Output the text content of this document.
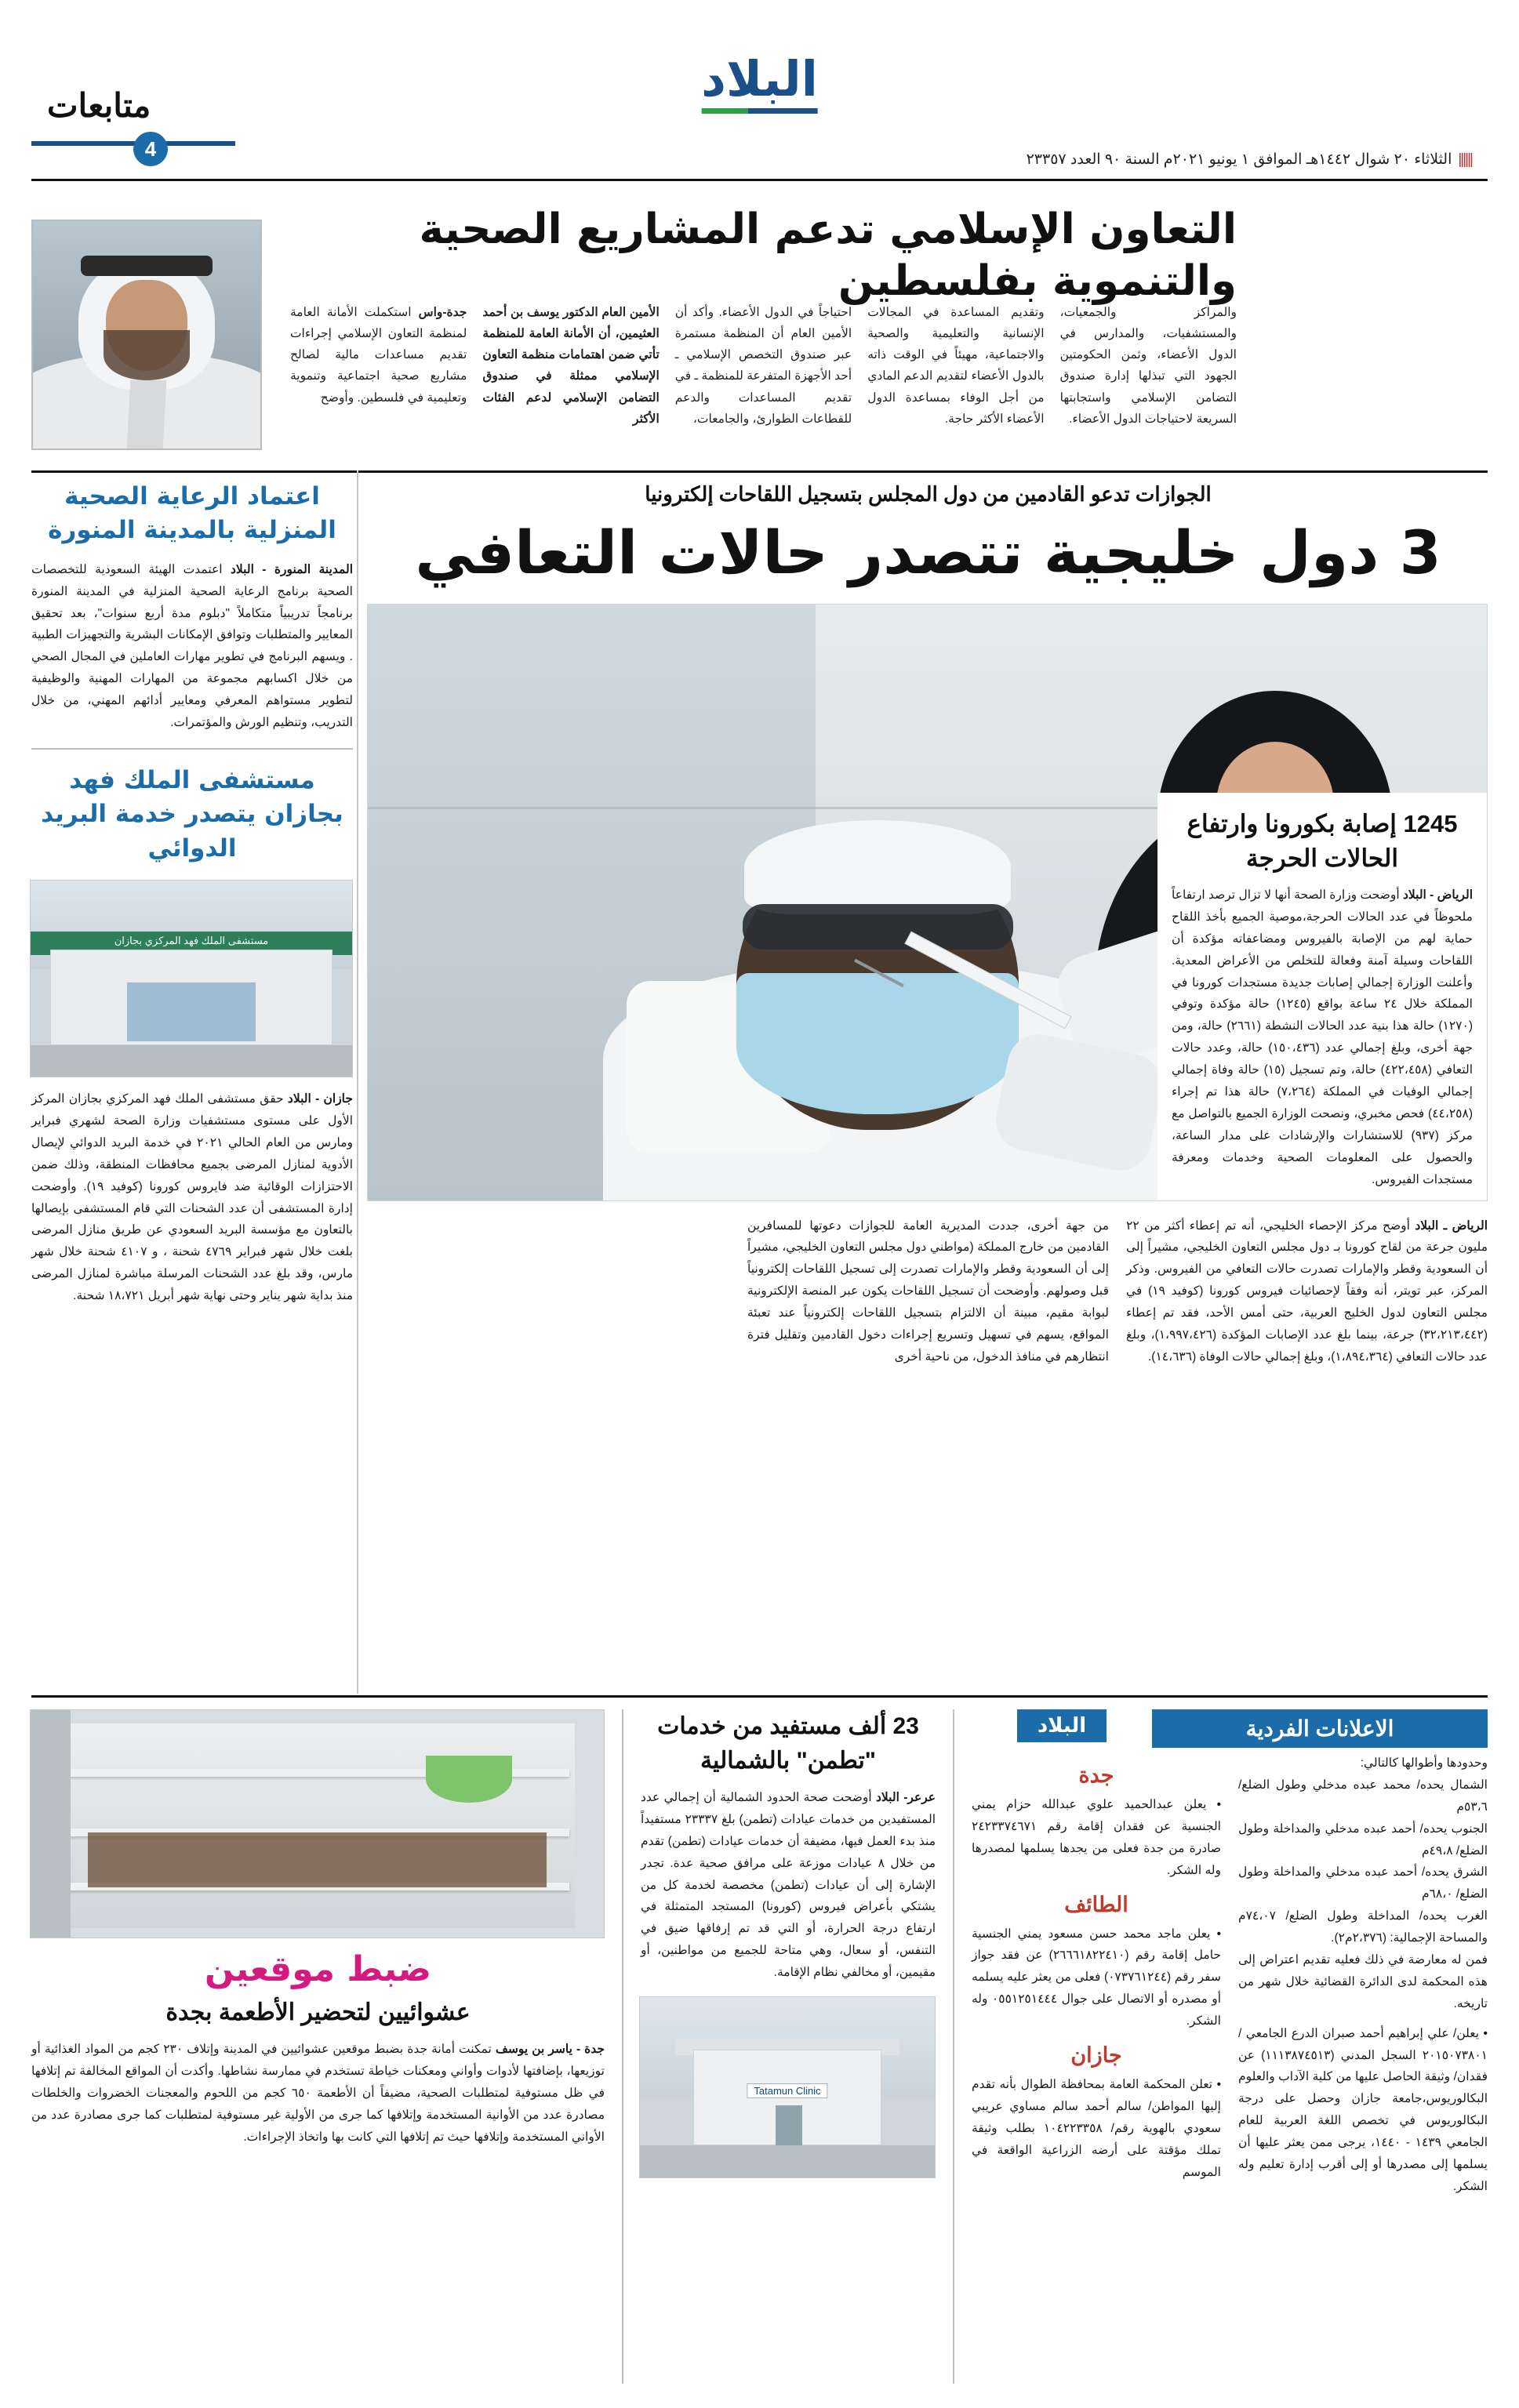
البلاد
متابعات
4	||||||الثلاثاء ٢٠ شوال ١٤٤٢هـ الموافق ١ يونيو ٢٠٢١م السنة ٩٠ العدد ٢٣٣٥٧
التعاون الإسلامي تدعم المشاريع الصحية والتنموية بفلسطين
والمراكز والجمعيات، والمستشفيات، والمدارس في الدول الأعضاء، وثمن الحكومتين الجهود التي تبذلها إدارة صندوق التضامن الإسلامي واستجابتها السريعة لاحتياجات الدول الأعضاء.
وتقديم المساعدة في المجالات الإنسانية والتعليمية والصحية والاجتماعية، مهيئاً في الوقت ذاته بالدول الأعضاء لتقديم الدعم المادي من أجل الوفاء بمساعدة الدول الأعضاء الأكثر حاجة.
احتياجاً في الدول الأعضاء. وأكد أن الأمين العام أن المنظمة مستمرة عبر صندوق التخصص الإسلامي ـ أحد الأجهزة المتفرعة للمنظمة ـ في تقديم المساعدات والدعم للقطاعات الطوارئ، والجامعات،
الأمين العام الدكتور يوسف بن أحمد العثيمين، أن الأمانة العامة للمنظمة تأتي ضمن اهتمامات منظمة التعاون الإسلامي ممثلة في صندوق التضامن الإسلامي لدعم الفئات الأكثر
جدة-واس استكملت الأمانة العامة لمنظمة التعاون الإسلامي إجراءات تقديم مساعدات مالية لصالح مشاريع صحية اجتماعية وتنموية وتعليمية في فلسطين. وأوضح
اعتماد الرعاية الصحية المنزلية بالمدينة المنورة
المدينة المنورة - البلاد اعتمدت الهيئة السعودية للتخصصات الصحية برنامج الرعاية الصحية المنزلية في المدينة المنورة برنامجاً تدريبياً متكاملاً "دبلوم مدة أربع سنوات"، بعد تحقيق المعايير والمتطلبات وتوافق الإمكانات البشرية والتجهيزات الطبية . ويسهم البرنامج في تطوير مهارات العاملين في المجال الصحي من خلال اكسابهم مجموعة من المهارات المهنية والوظيفية لتطوير مستواهم المعرفي ومعايير أدائهم المهني، من خلال التدريب، وتنظيم الورش والمؤتمرات.
مستشفى الملك فهد بجازان يتصدر خدمة البريد الدوائي
مستشفى الملك فهد المركزي بجازان
جازان - البلاد حقق مستشفى الملك فهد المركزي بجازان المركز الأول على مستوى مستشفيات وزارة الصحة لشهري فبراير ومارس من العام الحالي ٢٠٢١ في خدمة البريد الدوائي لإيصال الأدوية لمنازل المرضى بجميع محافظات المنطقة، وذلك ضمن الاحتزازات الوقائية ضد فايروس كورونا (كوفيد ١٩). وأوضحت إدارة المستشفى أن عدد الشحنات التي قام المستشفى بإيصالها بالتعاون مع مؤسسة البريد السعودي عن طريق منازل المرضى بلغت خلال شهر فبراير ٤٧٦٩ شحنة ، و ٤١٠٧ شحنة خلال شهر مارس، وقد بلغ عدد الشحنات المرسلة مباشرة لمنازل المرضى منذ بداية شهر يناير وحتى نهاية شهر أبريل ١٨،٧٢١ شحنة.
الجوازات تدعو القادمين من دول المجلس بتسجيل اللقاحات إلكترونيا
3 دول خليجية تتصدر حالات التعافي
1245 إصابة بكورونا وارتفاع الحالات الحرجة
الرياض - البلاد أوضحت وزارة الصحة أنها لا تزال ترصد ارتفاعاً ملحوظاً في عدد الحالات الحرجة،موصية الجميع بأخذ اللقاح حماية لهم من الإصابة بالفيروس ومضاعفاته مؤكدة أن اللقاحات وسيلة آمنة وفعالة للتخلص من الأعراض المعدية. وأعلنت الوزارة إجمالي إصابات جديدة مستجدات كورونا في المملكة خلال ٢٤ ساعة بواقع (١٢٤٥) حالة مؤكدة وتوفي (١٢٧٠) حالة هذا بنية عدد الحالات النشطة (٢٦٦١) حالة، ومن جهة أخرى، وبلغ إجمالي عدد (١٥٠،٤٣٦) حالة، وعدد حالات التعافي (٤٢٢،٤٥٨) حالة، وتم تسجيل (١٥) حالة وفاة إجمالي إجمالي الوفيات في المملكة (٧،٢٦٤) حالة هذا تم إجراء (٤٤،٢٥٨) فحص مخبري، ونصحت الوزارة الجميع بالتواصل مع مركز (٩٣٧) للاستشارات والإرشادات على مدار الساعة، والحصول على المعلومات الصحية وخدمات ومعرفة مستجدات الفيروس.
الرياض ـ البلاد أوضح مركز الإحصاء الخليجي، أنه تم إعطاء أكثر من ٢٢ مليون جرعة من لقاح كورونا بـ دول مجلس التعاون الخليجي، مشيراً إلى أن السعودية وقطر والإمارات تصدرت حالات التعافي من الفيروس. وذكر المركز، عبر تويتر، أنه وفقاً لإحصائيات فيروس كورونا (كوفيد ١٩) في مجلس التعاون لدول الخليج العربية، حتى أمس الأحد، فقد تم إعطاء (٣٢،٢١٣،٤٤٢) جرعة، بينما بلغ عدد الإصابات المؤكدة (١،٩٩٧،٤٢٦)، وبلغ عدد حالات التعافي (١،٨٩٤،٣٦٤)، وبلغ إجمالي حالات الوفاة (١٤،٦٣٦).
من جهة أخرى، جددت المديرية العامة للجوازات دعوتها للمسافرين القادمين من خارج المملكة (مواطني دول مجلس التعاون الخليجي، مشيراً إلى أن السعودية وقطر والإمارات تصدرت إلى تسجيل اللقاحات إلكترونياً قبل وصولهم. وأوضحت أن تسجيل اللقاحات يكون عبر المنصة الإلكترونية لبوابة مقيم، مبينة أن الالتزام بتسجيل اللقاحات إلكترونياً عند تعبئة المواقع، يسهم في تسهيل وتسريع إجراءات دخول القادمين وتقليل فترة انتظارهم في منافذ الدخول، من ناحية أخرى
الاعلانات الفردية
البلاد
وحدودها وأطوالها كالتالي:
الشمال يحده/ محمد عبده مدخلي وطول الضلع/ ٥٣،٦م
الجنوب يحده/ أحمد عبده مدخلي والمداخلة وطول الضلع/ ٤٩،٨م
الشرق يحده/ أحمد عبده مدخلي والمداخلة وطول الضلع/ ٦٨،٠م
الغرب يحده/ المداخلة وطول الضلع/ ٧٤،٠٧م والمساحة الإجمالية: (٢،٣٧٦م٢).
فمن له معارضة في ذلك فعليه تقديم اعتراض إلى هذه المحكمة لدى الدائرة القضائية خلال شهر من تاريخه.
• يعلن/ علي إبراهيم أحمد صبران الدرع الجامعي / ٢٠١٥٠٧٣٨٠١ السجل المدني (١١١٣٨٧٤٥١٣) عن فقدان/ وثيقة الحاصل عليها من كلية الآداب والعلوم البكالوريوس،جامعة جازان وحصل على درجة البكالوريوس في تخصص اللغة العربية للعام الجامعي ١٤٣٩ - ١٤٤٠، يرجى ممن يعثر عليها أن يسلمها إلى مصدرها أو إلى أقرب إدارة تعليم وله الشكر.
جدة
• يعلن عبدالحميد علوي عبدالله حزام يمني الجنسية عن فقدان إقامة رقم ٢٤٢٣٣٧٤٦٧١ صادرة من جدة فعلى من يجدها يسلمها لمصدرها وله الشكر.
الطائف
• يعلن ماجد محمد حسن مسعود يمني الجنسية حامل إقامة رقم (٢٦٦٦١٨٢٢٤١٠) عن فقد جواز سفر رقم (٠٧٣٧٦١٢٤٤) فعلى من يعثر عليه يسلمه أو مصدره أو الاتصال على جوال ٠٥٥١٢٥١٤٤٤ وله الشكر.
جازان
• تعلن المحكمة العامة بمحافظة الطوال بأنه تقدم إليها المواطن/ سالم أحمد سالم مساوي عريبي سعودي بالهوية رقم/ ١٠٤٢٢٣٣٥٨ بطلب وثيقة تملك مؤقتة على أرضه الزراعية الواقعة في الموسم
23 ألف مستفيد من خدمات "تطمن" بالشمالية
عرعر- البلاد أوضحت صحة الحدود الشمالية أن إجمالي عدد المستفيدين من خدمات عيادات (تطمن) بلغ ٢٣٣٣٧ مستفيداً منذ بدء العمل فيها، مضيفة أن خدمات عيادات (تطمن) تقدم من خلال ٨ عيادات موزعة على مرافق صحية عدة. تجدر الإشارة إلى أن عيادات (تطمن) مخصصة لخدمة كل من يشتكي بأعراض فيروس (كورونا) المستجد المتمثلة في ارتفاع درجة الحرارة، أو التي قد تم إرفاقها ضيق في التنفس، أو سعال، وهي متاحة للجميع من مواطنين، أو مقيمين، أو مخالفي نظام الإقامة.
Tatamun Clinic
ضبط موقعين
عشوائيين لتحضير الأطعمة بجدة
جدة - ياسر بن يوسف تمكنت أمانة جدة بضبط موقعين عشوائيين في المدينة وإتلاف ٢٣٠ كجم من المواد الغذائية أو توزيعها، بإضافتها لأدوات وأواني ومعكنات خياطة تستخدم في ممارسة نشاطها. وأكدت أن المواقع المخالفة تم إتلافها في ظل مستوفية لمتطلبات الصحية، مضيفاً أن الأطعمة ٦٥٠ كجم من اللحوم والمعجنات الخضروات والخلطات مصادرة عدد من الأوانية المستخدمة وإتلافها كما جرى من الأولية غير مستوفية لمتطلبات كما جرى مصادرة عدد من الأواني المستخدمة وإتلافها حيث تم إتلافها التي كانت بها واتخاذ الإجراءات.
